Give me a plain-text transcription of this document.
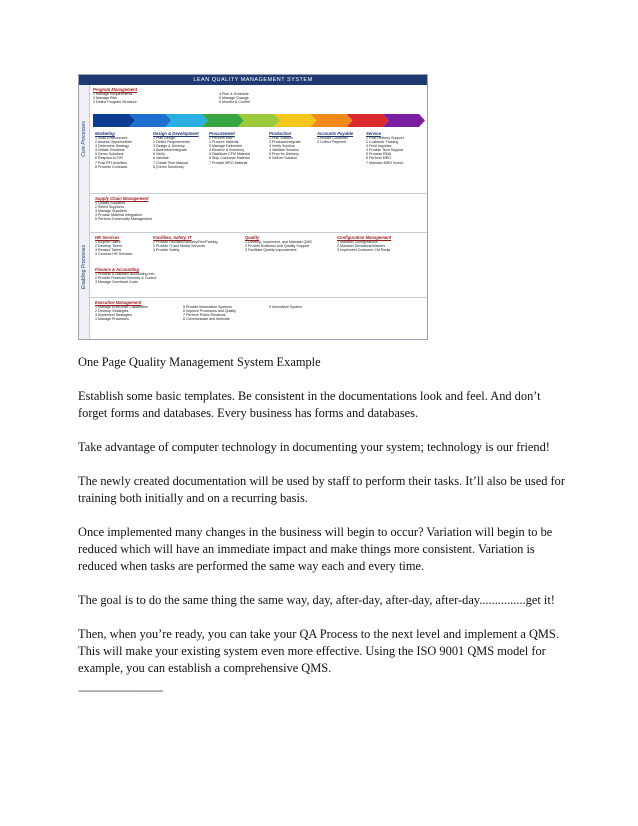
LEAN QUALITY MANAGEMENT SYSTEM
Core Processes
Enabling Processes
Program Management
1 Manage Requirements
2 Manage Risk
3 Define Program Structure
4 Plan & Schedule
5 Manage Change
6 Monitor & Control
Marketing
1 Scan Environment
2 Assess Opportunities
3 Determine Strategy
4 Initiate Solutions
5 Demo Solutions
6 Respond to RFI
7 Post RFI Activities
8 Process Contracts
Design & Development
1 Plan Design
2 Define Requirements
3 Design & Develop
4 Assemble/Integrate
5 Verify
6 Validate
7 Create Tech Manual
8 (Demo Solutions)
Procurement
1 Perform MRP
2 Procure Material
3 Manage Deliveries
4 Receive & Inventory
5 Distribute CFM Material
6 Ship Customer Material
7 Provide MRO Material
Production
1 Plan Solution
2 Produce/Integrate
3 Verify Solution
4 Validate Solution
5 Prep for Delivery
6 Deliver Solution
Accounts Payable
1 Invoice Customer
2 Collect Payment
Service
1 Post Delivery Support
2 Customer Training
3 Field Inquiries
4 Provide Tech Support
5 Process RMA
6 Perform MRO
7 Maintain MRO Invent.
Supply Chain Management
1 Qualify Suppliers
2 Select Suppliers
3 Manage Suppliers
4 Provide Material Integration
5 Perform Commodity Management
HR Services
1 Acquire Talent
2 Develop Talent
3 Reward Talent
4 Conduct HR Services
Facilities, Safety, IT
1 Provide Facilities/Security/Fire/Parking
2 Provide IT and Media Services
3 Provide Safety
Quality
1 Develop, Implement, and Maintain QMS
2 Provide Business Unit Quality Support
3 Facilitate Quality Improvement
Configuration Management
1 Maintain Configurations
2 Maintain Deviations/Waivers
3 Implement Customer CM Reqts
Finance & Accounting
1 Process & Maintain Accounting Info
2 Provide Financial Services & Control
3 Manage Overhead Costs
Executive Management
1 Manage Enterprise Capabilities
2 Develop Strategies
3 Implement Strategies
4 Manage Processes
5 Provide Information Systems
6 Improve Processes and Quality
7 Perform Public Relations
8 Communicate and Motivate
9 Incentivize System

One Page Quality Management System Example

Establish some basic templates. Be consistent in the documentations look and feel. And don’t forget forms and databases. Every business has forms and databases.

Take advantage of computer technology in documenting your system; technology is our friend!

The newly created documentation will be used by staff to perform their tasks. It’ll also be used for training both initially and on a recurring basis.

Once implemented many changes in the business will begin to occur? Variation will begin to be reduced which will have an immediate impact and make things more consistent. Variation is reduced when tasks are performed the same way each and every time.

The goal is to do the same thing the same way, day, after-day, after-day, after-day...............get it!

Then, when you’re ready, you can take your QA Process to the next level and implement a QMS. This will make your existing system even more effective. Using the ISO 9001 QMS model for example, you can establish a comprehensive QMS.

========================
